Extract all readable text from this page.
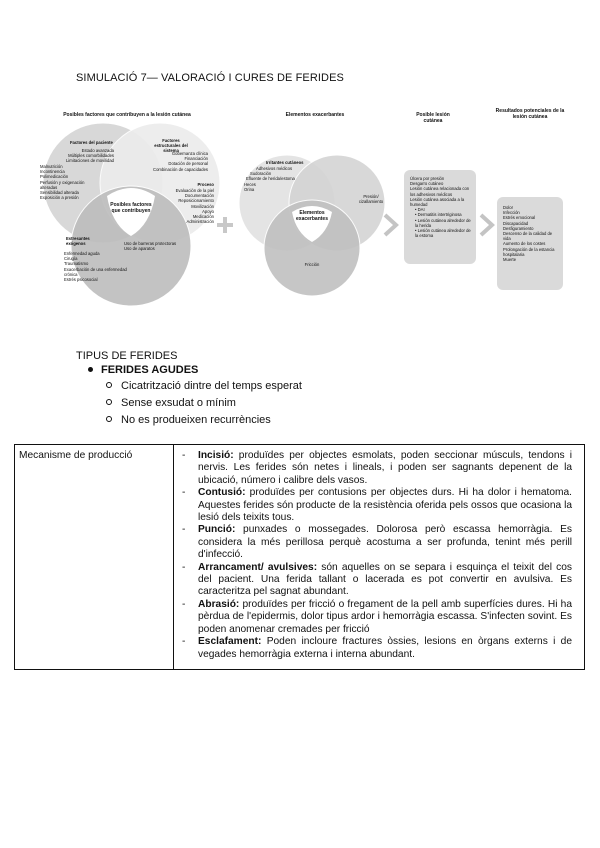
SIMULACIÓ 7— VALORACIÓ I CURES DE FERIDES
Posibles factores que contribuyen a la lesión cutánea	Elementos exacerbantes	Posible lesión cutánea
Resultados potenciales de la lesión cutánea
Factores del paciente
Estado avanzada
Múltiples comorbilidades
Limitaciones de movilidad
Malnutrición
Incontinencia
Polimedicación
Perfusión y oxigenación alteradas
Sensibilidad alterada
Exposición a presión
Factores estructurales del sistema
Gobernanza clínica
Financiación
Dotación de personal
Combinación de capacidades
Proceso
Evaluación de la piel
Documentación
Reposicionamiento
Movilización
Apoyo
Medicación
Administración
Uso de barreras protectoras
Uso de aparatos
Posibles factores que contribuyen
Estresantes exógenos
Enfermedad aguda
Cirugía
Traumatismo
Exacerbación de una enfermedad crónica
Estrés psicosocial
Irritantes cutáneos
Adhesivos médicos
Sudoración
Efluente de herida/estoma
Heces
Orina
Elementos exacerbantes
Presión/ cizallamiento
Fricción
Úlcera por presión
Desgarro cutáneo
Lesión cutánea relacionada con los adhesivos médicos
Lesión cutánea asociada a la humedad
• DAI
• Dermatitis intertriginosa
• Lesión cutánea alrededor de la herida
• Lesión cutánea alrededor de la estoma
Dolor
Infección
Estrés emocional
Discapacidad
Desfiguramiento
Descenso de la calidad de vida
Aumento de los costes
Prolongación de la estancia hospitalaria
Muerte
TIPUS DE FERIDES
FERIDES AGUDES
Cicatrització dintre del temps esperat
Sense exsudat o mínim
No es produeixen recurrències
Mecanisme de producció	- Incisió: produïdes per objectes esmolats, poden seccionar músculs, tendons i nervis. Les ferides són netes i lineals, i poden ser sagnants depenent de la ubicació, número i calibre dels vasos.
- Contusió: produïdes per contusions per objectes durs. Hi ha dolor i hematoma. Aquestes ferides són producte de la resistència oferida pels ossos que ocasiona la lesió dels teixits tous.
- Punció: punxades o mossegades. Dolorosa però escassa hemorràgia. Es considera la més perillosa perquè acostuma a ser profunda, tenint més perill d'infecció.
- Arrancament/ avulsives: són aquelles on se separa i esquinça el teixit del cos del pacient. Una ferida tallant o lacerada es pot convertir en avulsiva. Es caracteritza pel sagnat abundant.
- Abrasió: produïdes per fricció o fregament de la pell amb superfícies dures. Hi ha pèrdua de l'epidermis, dolor tipus ardor i hemorràgia escassa. S'infecten sovint. Es poden anomenar cremades per fricció
- Esclafament: Poden incloure fractures òssies, lesions en òrgans externs i de vegades hemorràgia externa i interna abundant.
